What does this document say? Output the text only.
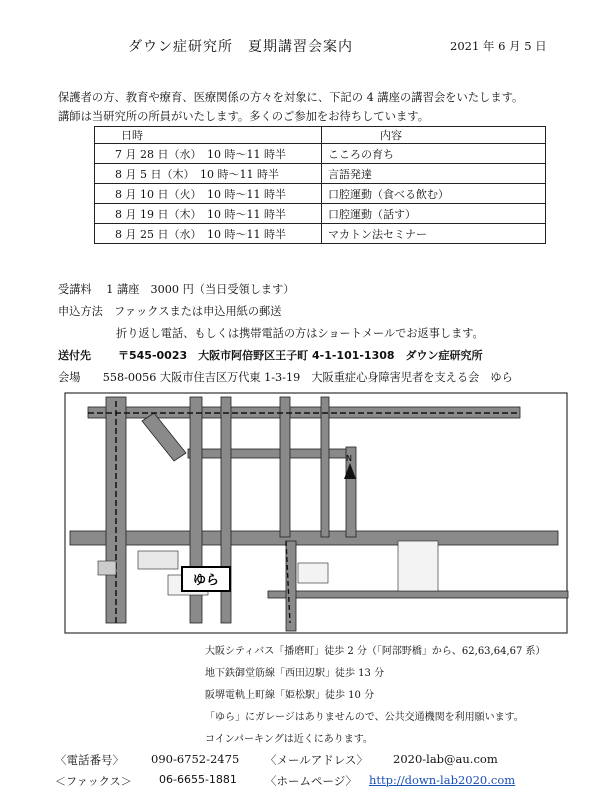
ダウン症研究所　夏期講習会案内	2021 年 6 月 5 日
保護者の方、教育や療育、医療関係の方々を対象に、下記の 4 講座の講習会をいたします。
講師は当研究所の所員がいたします。多くのご参加をお待ちしています。
日時	内容
7 月 28 日（水）　10 時〜11 時半	こころの育ち
8 月 5 日（木）　10 時〜11 時半	言語発達
8 月 10 日（火）　10 時〜11 時半	口腔運動（食べる飲む）
8 月 19 日（木）　10 時〜11 時半	口腔運動（話す）
8 月 25 日（水）　10 時〜11 時半	マカトン法セミナー
受講料　 1 講座　3000 円（当日受領します）
申込方法　ファックスまたは申込用紙の郵送
折り返し電話、もしくは携帯電話の方はショートメールでお返事します。
送付先 〒545-0023　大阪市阿倍野区王子町 4-1-101-1308　ダウン症研究所
会場　　558-0056 大阪市住吉区万代東 1-3-19　大阪重症心身障害児者を支える会　ゆら
ゆら
N
大阪シティバス「播磨町」徒歩 2 分（「阿部野橋」から、62,63,64,67 系）
地下鉄御堂筋線「西田辺駅」徒歩 13 分
阪堺電軌上町線「姫松駅」徒歩 10 分
「ゆら」にガレージはありませんので、公共交通機関を利用願います。
コインパーキングは近くにあります。
〈電話番号〉 090-6752-2475 〈メールアドレス〉 2020-lab@au.com
＜ファックス＞ 06-6655-1881 〈ホームページ〉 http://down-lab2020.com
